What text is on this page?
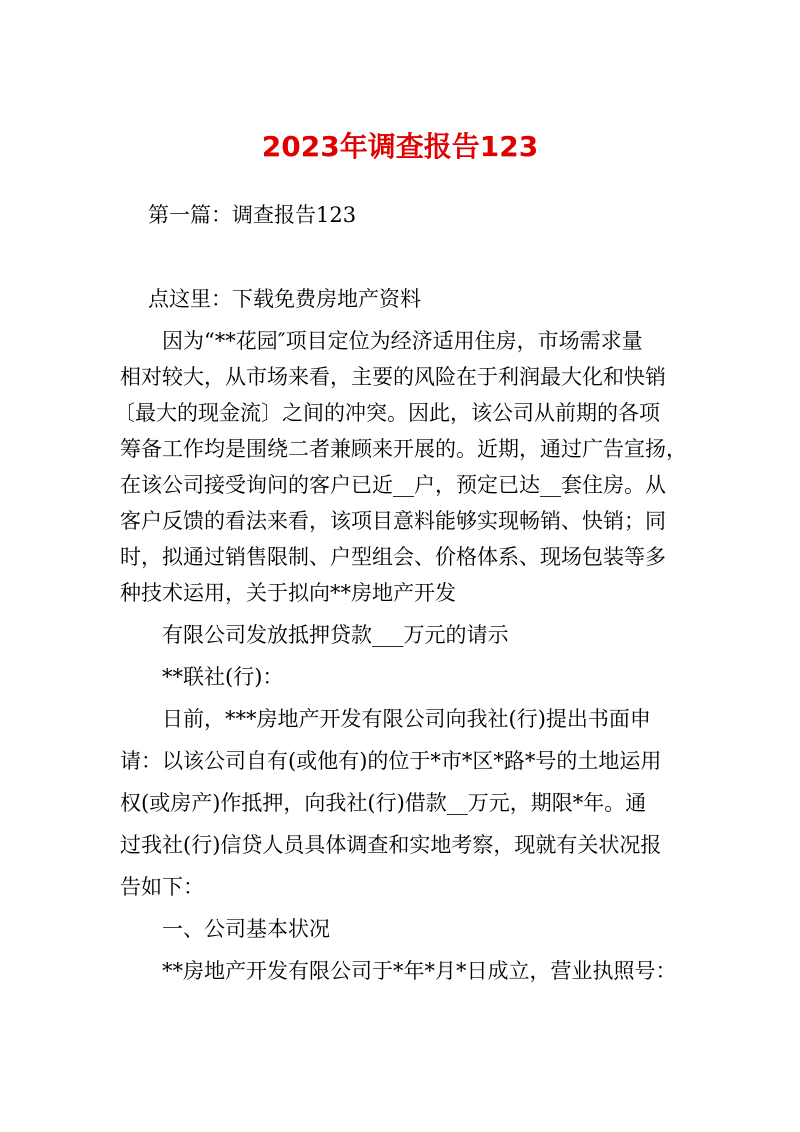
2023年调查报告123
第一篇：调查报告123
点这里：下载免费房地产资料
因为“**花园″项目定位为经济适用住房，市场需求量
相对较大，从市场来看，主要的风险在于利润最大化和快销
〔最大的现金流〕之间的冲突。因此，该公司从前期的各项
筹备工作均是围绕二者兼顾来开展的。近期，通过广告宣扬，
在该公司接受询问的客户已近__户，预定已达__套住房。从
客户反馈的看法来看，该项目意料能够实现畅销、快销；同
时，拟通过销售限制、户型组会、价格体系、现场包装等多
种技术运用，关于拟向**房地产开发
有限公司发放抵押贷款___万元的请示
**联社(行)：
日前，***房地产开发有限公司向我社(行)提出书面申
请：以该公司自有(或他有)的位于*市*区*路*号的土地运用
权(或房产)作抵押，向我社(行)借款__万元，期限*年。通
过我社(行)信贷人员具体调查和实地考察，现就有关状况报
告如下：
一、公司基本状况
**房地产开发有限公司于*年*月*日成立，营业执照号：
